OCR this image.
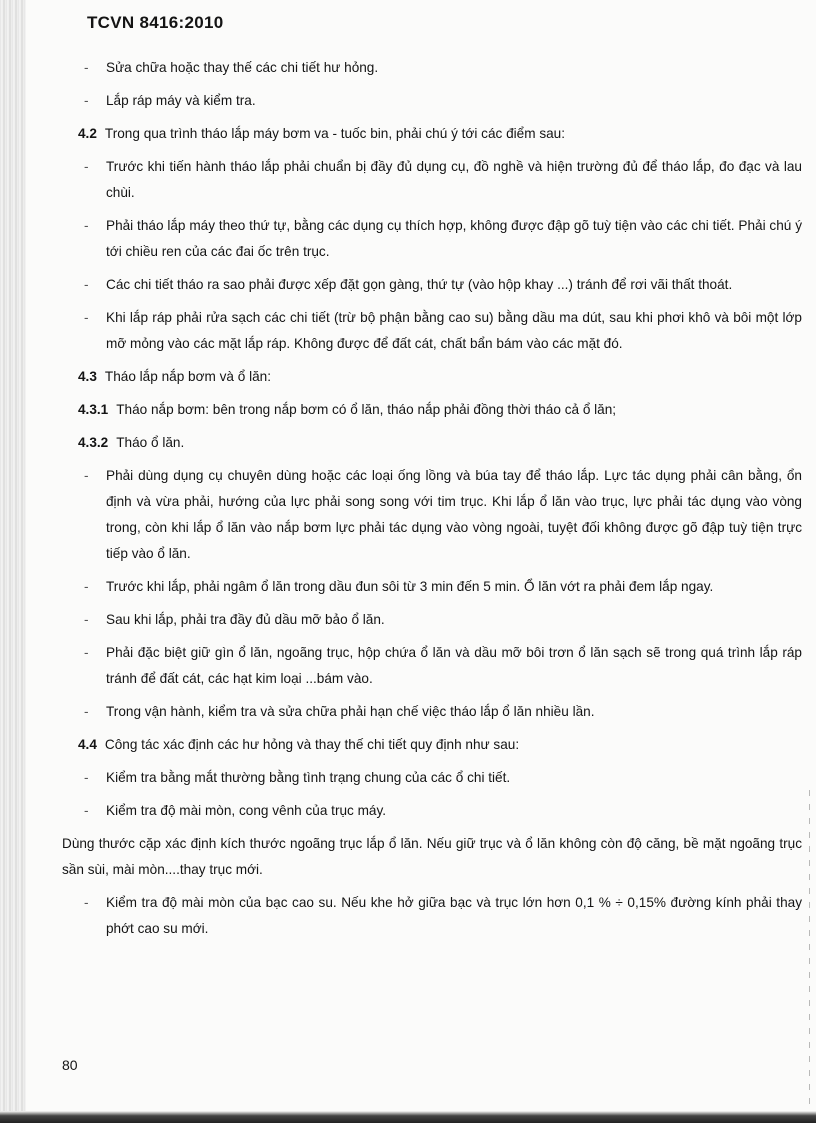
TCVN 8416:2010
- Sửa chữa hoặc thay thế các chi tiết hư hỏng.
- Lắp ráp máy và kiểm tra.
4.2 Trong qua trình tháo lắp máy bơm va - tuốc bin, phải chú ý tới các điểm sau:
- Trước khi tiến hành tháo lắp phải chuẩn bị đầy đủ dụng cụ, đồ nghề và hiện trường đủ để tháo lắp, đo đạc và lau chùi.
- Phải tháo lắp máy theo thứ tự, bằng các dụng cụ thích hợp, không được đập gõ tuỳ tiện vào các chi tiết. Phải chú ý tới chiều ren của các đai ốc trên trục.
- Các chi tiết tháo ra sao phải được xếp đặt gọn gàng, thứ tự (vào hộp khay ...) tránh để rơi vãi thất thoát.
- Khi lắp ráp phải rửa sạch các chi tiết (trừ bộ phận bằng cao su) bằng dầu ma dút, sau khi phơi khô và bôi một lớp mỡ mỏng vào các mặt lắp ráp. Không được để đất cát, chất bẩn bám vào các mặt đó.
4.3 Tháo lắp nắp bơm và ổ lăn:
4.3.1 Tháo nắp bơm: bên trong nắp bơm có ổ lăn, tháo nắp phải đồng thời tháo cả ổ lăn;
4.3.2 Tháo ổ lăn.
- Phải dùng dụng cụ chuyên dùng hoặc các loại ống lồng và búa tay để tháo lắp. Lực tác dụng phải cân bằng, ổn định và vừa phải, hướng của lực phải song song với tim trục. Khi lắp ổ lăn vào trục, lực phải tác dụng vào vòng trong, còn khi lắp ổ lăn vào nắp bơm lực phải tác dụng vào vòng ngoài, tuyệt đối không được gõ đập tuỳ tiện trực tiếp vào ổ lăn.
- Trước khi lắp, phải ngâm ổ lăn trong dầu đun sôi từ 3 min đến 5 min. Ổ lăn vớt ra phải đem lắp ngay.
- Sau khi lắp, phải tra đầy đủ dầu mỡ bảo ổ lăn.
- Phải đặc biệt giữ gìn ổ lăn, ngoãng trục, hộp chứa ổ lăn và dầu mỡ bôi trơn ổ lăn sạch sẽ trong quá trình lắp ráp tránh để đất cát, các hạt kim loại ...bám vào.
- Trong vận hành, kiểm tra và sửa chữa phải hạn chế việc tháo lắp ổ lăn nhiều lần.
4.4 Công tác xác định các hư hỏng và thay thế chi tiết quy định như sau:
- Kiểm tra bằng mắt thường bằng tình trạng chung của các ổ chi tiết.
- Kiểm tra độ mài mòn, cong vênh của trục máy.
Dùng thước cặp xác định kích thước ngoãng trục lắp ổ lăn. Nếu giữ trục và ổ lăn không còn độ căng, bề mặt ngoãng trục sần sùi, mài mòn....thay trục mới.
- Kiểm tra độ mài mòn của bạc cao su. Nếu khe hở giữa bạc và trục lớn hơn 0,1 % ÷ 0,15% đường kính phải thay phớt cao su mới.
80
